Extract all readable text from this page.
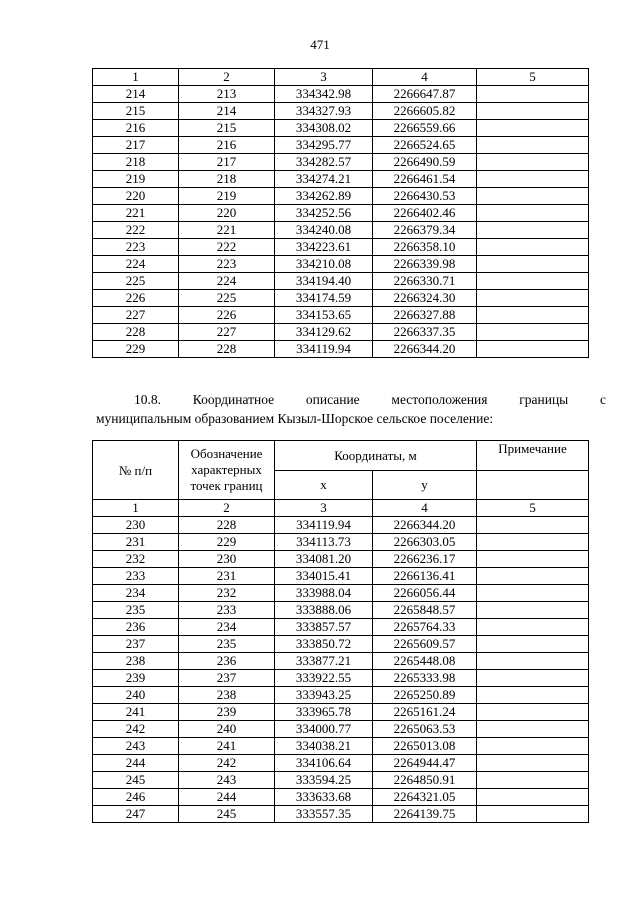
471
1	2	3	4	5
214	213	334342.98	2266647.87	
215	214	334327.93	2266605.82	
216	215	334308.02	2266559.66	
217	216	334295.77	2266524.65	
218	217	334282.57	2266490.59	
219	218	334274.21	2266461.54	
220	219	334262.89	2266430.53	
221	220	334252.56	2266402.46	
222	221	334240.08	2266379.34	
223	222	334223.61	2266358.10	
224	223	334210.08	2266339.98	
225	224	334194.40	2266330.71	
226	225	334174.59	2266324.30	
227	226	334153.65	2266327.88	
228	227	334129.62	2266337.35	
229	228	334119.94	2266344.20	
10.8. Координатное описание местоположения границы с
муниципальным образованием Кызыл-Шорское сельское поселение:
№ п/п	Обозначение характерных точек границ	Координаты, м		Примечание
		x	y	
1	2	3	4	5
230	228	334119.94	2266344.20	
231	229	334113.73	2266303.05	
232	230	334081.20	2266236.17	
233	231	334015.41	2266136.41	
234	232	333988.04	2266056.44	
235	233	333888.06	2265848.57	
236	234	333857.57	2265764.33	
237	235	333850.72	2265609.57	
238	236	333877.21	2265448.08	
239	237	333922.55	2265333.98	
240	238	333943.25	2265250.89	
241	239	333965.78	2265161.24	
242	240	334000.77	2265063.53	
243	241	334038.21	2265013.08	
244	242	334106.64	2264944.47	
245	243	333594.25	2264850.91	
246	244	333633.68	2264321.05	
247	245	333557.35	2264139.75	
